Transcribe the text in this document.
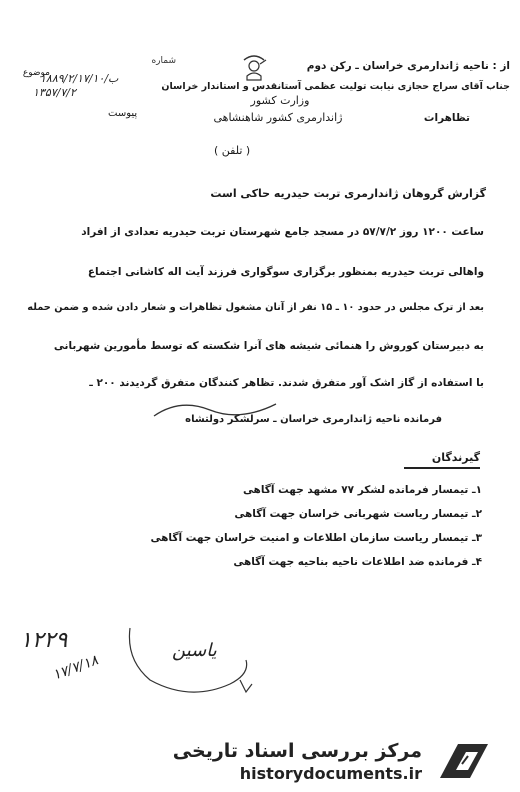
شماره
۱۸۸۹/۲/۱۷/ب/۱۰
۱۳۵۷/۷/۲
پیوست
وزارت کشور
ژاندارمری کشور شاهنشاهی
( تلفن )
موضوع
از : ناحیه ژاندارمری خراسان ـ رکن دوم
جناب آقای سراج حجازی نیابت تولیت عظمی آستانقدس و استاندار خراسان
تظاهرات
گزارش گروهان ژاندارمری تربت حیدریه حاکی است
ساعت ۱۲۰۰ روز ۵۷/۷/۲ در مسجد جامع شهرستان تربت حیدریه تعدادی از افراد
واهالی تربت حیدریه بمنظور برگزاری سوگواری فرزند آیت اله کاشانی اجتماع
بعد از ترک مجلس در حدود ۱۰ ـ ۱۵ نفر از آنان مشغول تظاهرات و شعار دادن شده و ضمن حمله
به دبیرستان کوروش را هنمائی شیشه های آنرا شکسته که توسط مأمورین شهربانی
با استفاده از گاز اشک آور متفرق شدند. تظاهر کنندگان متفرق گردیدند ۲۰۰ ـ
فرمانده ناحیه ژاندارمری خراسان ـ سرلشکر دولتشاه
گیرندگان
۱ـ تیمسار فرمانده لشکر ۷۷ مشهد جهت آگاهی
۲ـ تیمسار ریاست شهربانی خراسان جهت آگاهی
۳ـ تیمسار ریاست سازمان اطلاعات و امنیت خراسان جهت آگاهی
۴ـ فرمانده ضد اطلاعات ناحیه بناحیه جهت آگاهی
۱۲۲۹
۱۷/۷/۱۸
یاسین
مرکز بررسی اسناد تاریخی
historydocuments.ir
